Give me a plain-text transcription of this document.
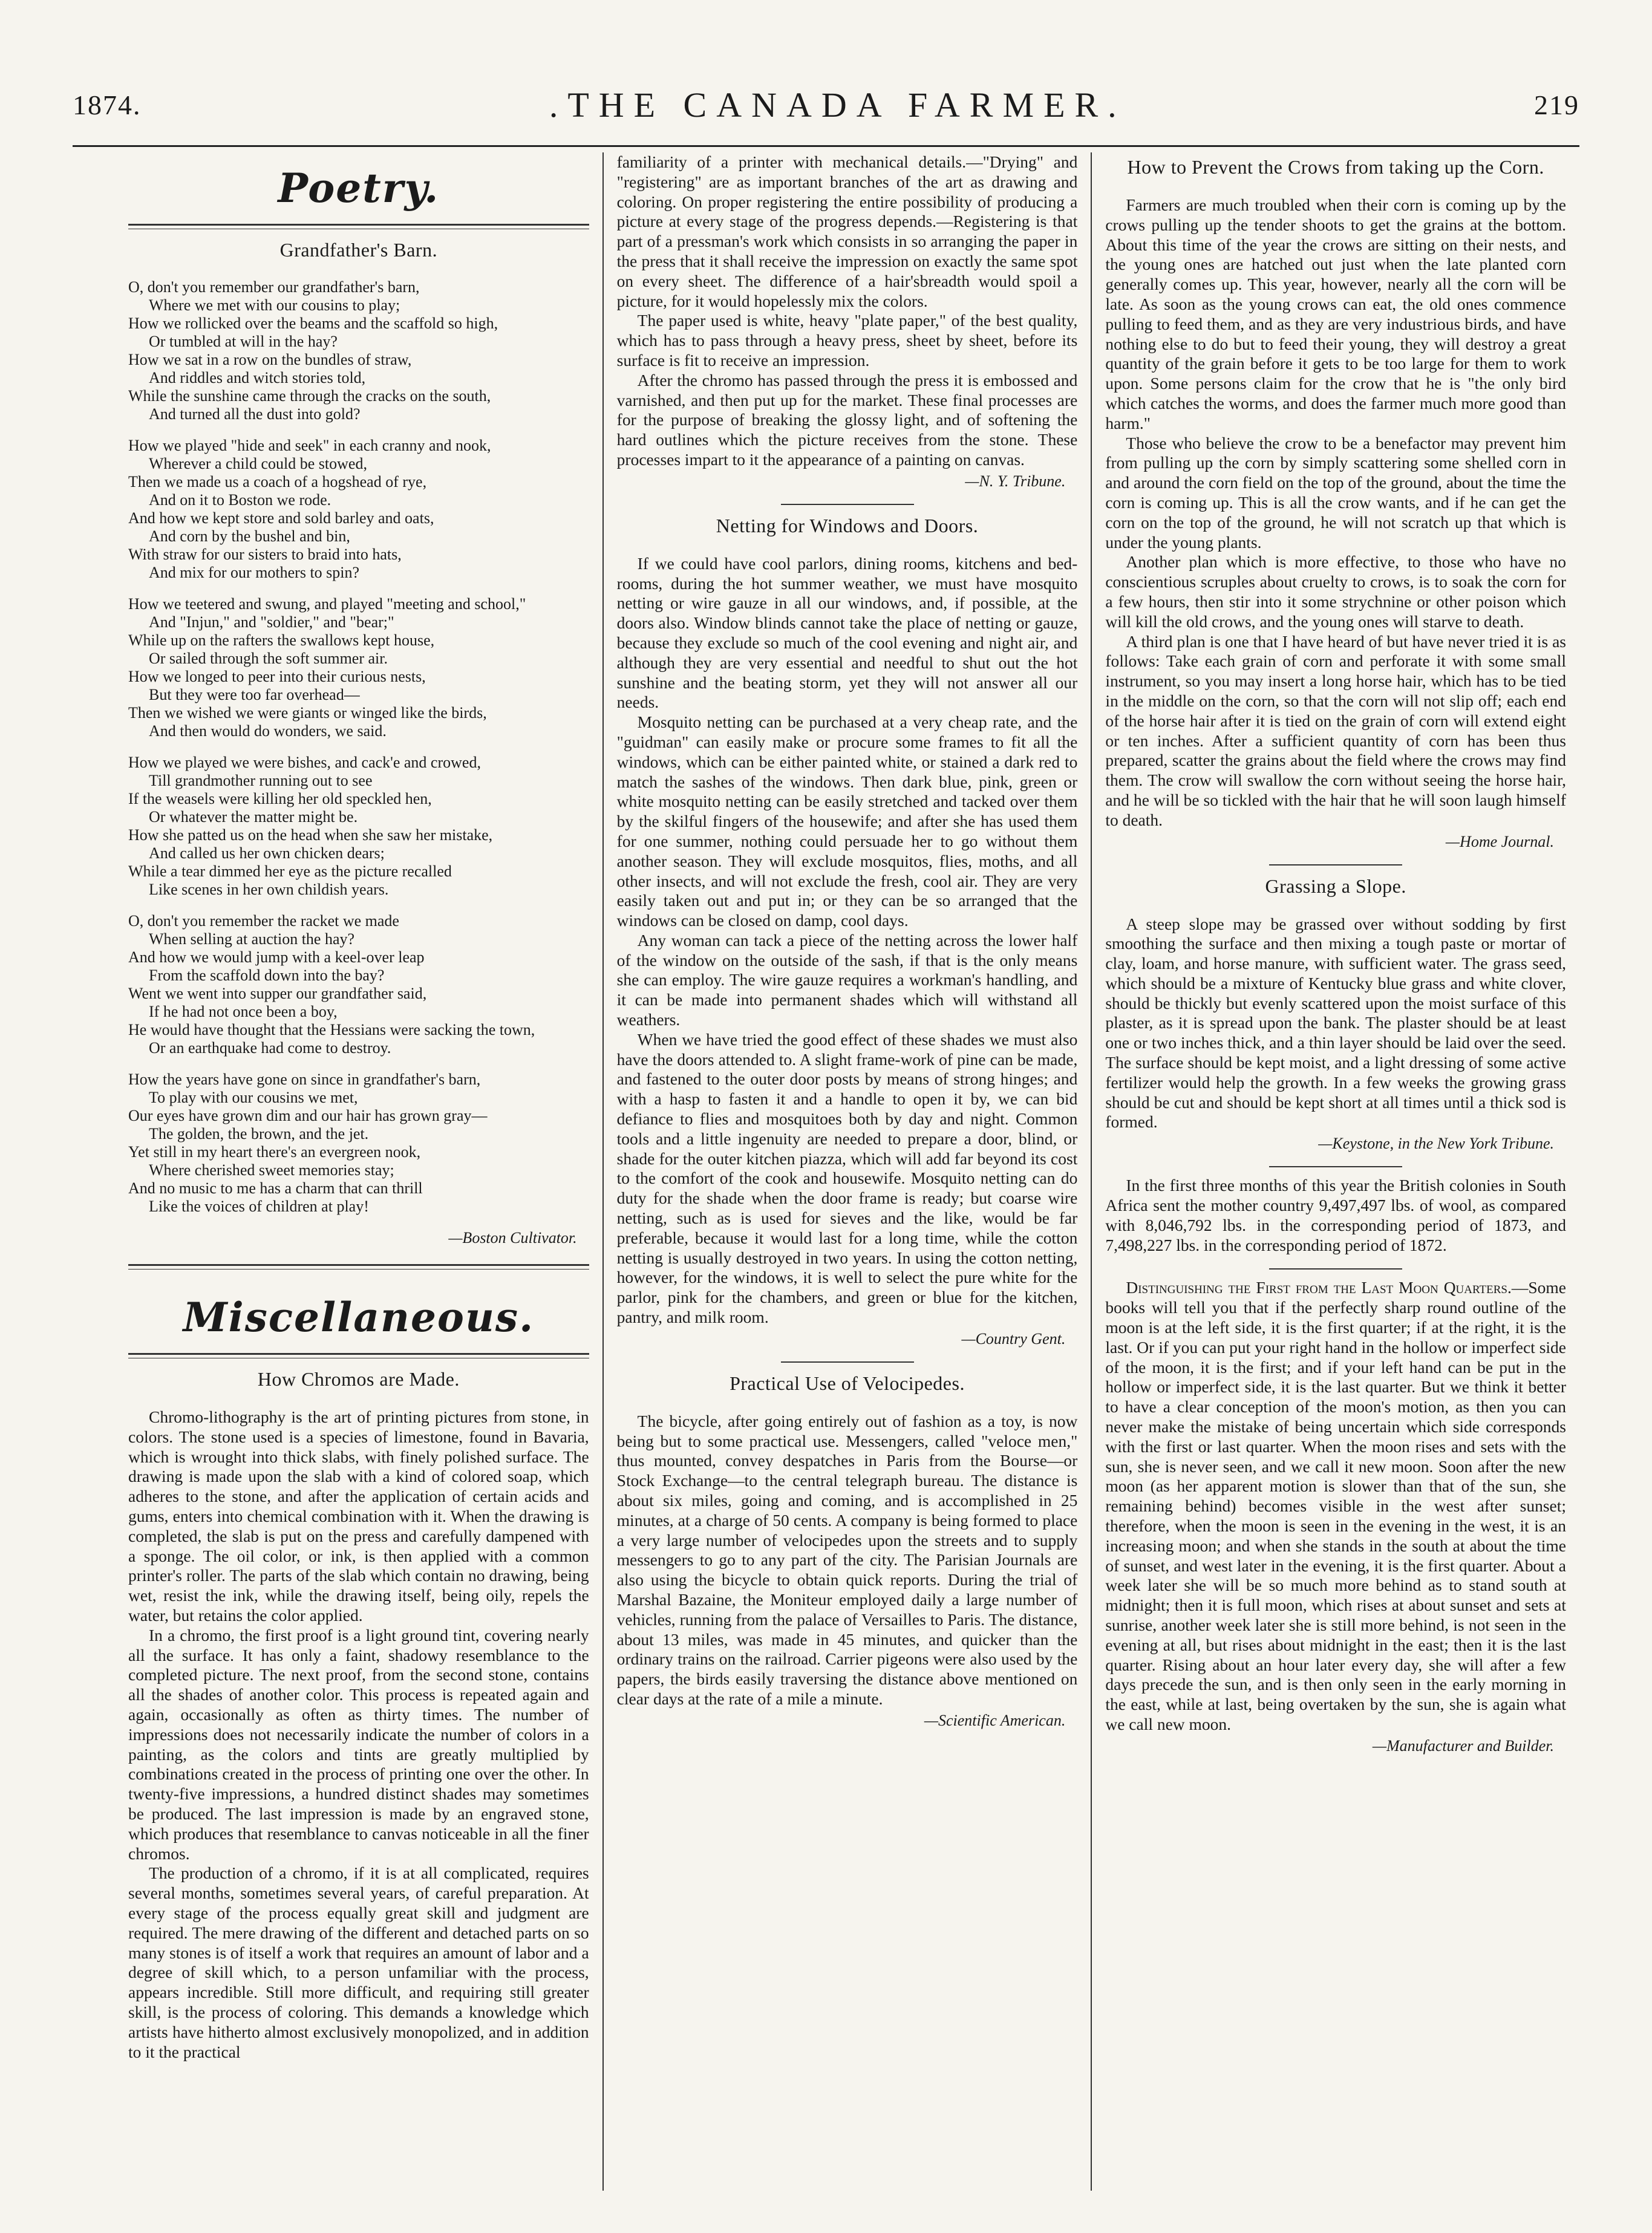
1874.	.THE CANADA FARMER.	219
Poetry.
Grandfather's Barn.
O, don't you remember our grandfather's barn,
Where we met with our cousins to play;
How we rollicked over the beams and the scaffold so high,
Or tumbled at will in the hay?
How we sat in a row on the bundles of straw,
And riddles and witch stories told,
While the sunshine came through the cracks on the south,
And turned all the dust into gold?
How we played "hide and seek" in each cranny and nook,
Wherever a child could be stowed,
Then we made us a coach of a hogshead of rye,
And on it to Boston we rode.
And how we kept store and sold barley and oats,
And corn by the bushel and bin,
With straw for our sisters to braid into hats,
And mix for our mothers to spin?
How we teetered and swung, and played "meeting and school,"
And "Injun," and "soldier," and "bear;"
While up on the rafters the swallows kept house,
Or sailed through the soft summer air.
How we longed to peer into their curious nests,
But they were too far overhead—
Then we wished we were giants or winged like the birds,
And then would do wonders, we said.
How we played we were bishes, and cack'e and crowed,
Till grandmother running out to see
If the weasels were killing her old speckled hen,
Or whatever the matter might be.
How she patted us on the head when she saw her mistake,
And called us her own chicken dears;
While a tear dimmed her eye as the picture recalled
Like scenes in her own childish years.
O, don't you remember the racket we made
When selling at auction the hay?
And how we would jump with a keel-over leap
From the scaffold down into the bay?
Went we went into supper our grandfather said,
If he had not once been a boy,
He would have thought that the Hessians were sacking the town,
Or an earthquake had come to destroy.
How the years have gone on since in grandfather's barn,
To play with our cousins we met,
Our eyes have grown dim and our hair has grown gray—
The golden, the brown, and the jet.
Yet still in my heart there's an evergreen nook,
Where cherished sweet memories stay;
And no music to me has a charm that can thrill
Like the voices of children at play!
—Boston Cultivator.
Miscellaneous.
How Chromos are Made.

Chromo-lithography is the art of printing pictures from stone, in colors. The stone used is a species of limestone, found in Bavaria, which is wrought into thick slabs, with finely polished surface. The drawing is made upon the slab with a kind of colored soap, which adheres to the stone, and after the application of certain acids and gums, enters into chemical combination with it. When the drawing is completed, the slab is put on the press and carefully dampened with a sponge. The oil color, or ink, is then applied with a common printer's roller. The parts of the slab which contain no drawing, being wet, resist the ink, while the drawing itself, being oily, repels the water, but retains the color applied.

In a chromo, the first proof is a light ground tint, covering nearly all the surface. It has only a faint, shadowy resemblance to the completed picture. The next proof, from the second stone, contains all the shades of another color. This process is repeated again and again, occasionally as often as thirty times. The number of impressions does not necessarily indicate the number of colors in a painting, as the colors and tints are greatly multiplied by combinations created in the process of printing one over the other. In twenty-five impressions, a hundred distinct shades may sometimes be produced. The last impression is made by an engraved stone, which produces that resemblance to canvas noticeable in all the finer chromos.

The production of a chromo, if it is at all complicated, requires several months, sometimes several years, of careful preparation. At every stage of the process equally great skill and judgment are required. The mere drawing of the different and detached parts on so many stones is of itself a work that requires an amount of labor and a degree of skill which, to a person unfamiliar with the process, appears incredible. Still more difficult, and requiring still greater skill, is the process of coloring. This demands a knowledge which artists have hitherto almost exclusively monopolized, and in addition to it the practical

familiarity of a printer with mechanical details.—"Drying" and "registering" are as important branches of the art as drawing and coloring. On proper registering the entire possibility of producing a picture at every stage of the progress depends.—Registering is that part of a pressman's work which consists in so arranging the paper in the press that it shall receive the impression on exactly the same spot on every sheet. The difference of a hair'sbreadth would spoil a picture, for it would hopelessly mix the colors.

The paper used is white, heavy "plate paper," of the best quality, which has to pass through a heavy press, sheet by sheet, before its surface is fit to receive an impression.

After the chromo has passed through the press it is embossed and varnished, and then put up for the market. These final processes are for the purpose of breaking the glossy light, and of softening the hard outlines which the picture receives from the stone. These processes impart to it the appearance of a painting on canvas.

—N. Y. Tribune.
Netting for Windows and Doors.

If we could have cool parlors, dining rooms, kitchens and bed-rooms, during the hot summer weather, we must have mosquito netting or wire gauze in all our windows, and, if possible, at the doors also. Window blinds cannot take the place of netting or gauze, because they exclude so much of the cool evening and night air, and although they are very essential and needful to shut out the hot sunshine and the beating storm, yet they will not answer all our needs.

Mosquito netting can be purchased at a very cheap rate, and the "guidman" can easily make or procure some frames to fit all the windows, which can be either painted white, or stained a dark red to match the sashes of the windows. Then dark blue, pink, green or white mosquito netting can be easily stretched and tacked over them by the skilful fingers of the housewife; and after she has used them for one summer, nothing could persuade her to go without them another season. They will exclude mosquitos, flies, moths, and all other insects, and will not exclude the fresh, cool air. They are very easily taken out and put in; or they can be so arranged that the windows can be closed on damp, cool days.

Any woman can tack a piece of the netting across the lower half of the window on the outside of the sash, if that is the only means she can employ. The wire gauze requires a workman's handling, and it can be made into permanent shades which will withstand all weathers.

When we have tried the good effect of these shades we must also have the doors attended to. A slight frame-work of pine can be made, and fastened to the outer door posts by means of strong hinges; and with a hasp to fasten it and a handle to open it by, we can bid defiance to flies and mosquitoes both by day and night. Common tools and a little ingenuity are needed to prepare a door, blind, or shade for the outer kitchen piazza, which will add far beyond its cost to the comfort of the cook and housewife. Mosquito netting can do duty for the shade when the door frame is ready; but coarse wire netting, such as is used for sieves and the like, would be far preferable, because it would last for a long time, while the cotton netting is usually destroyed in two years. In using the cotton netting, however, for the windows, it is well to select the pure white for the parlor, pink for the chambers, and green or blue for the kitchen, pantry, and milk room.

—Country Gent.
Practical Use of Velocipedes.

The bicycle, after going entirely out of fashion as a toy, is now being but to some practical use. Messengers, called "veloce men," thus mounted, convey despatches in Paris from the Bourse—or Stock Exchange—to the central telegraph bureau. The distance is about six miles, going and coming, and is accomplished in 25 minutes, at a charge of 50 cents. A company is being formed to place a very large number of velocipedes upon the streets and to supply messengers to go to any part of the city. The Parisian Journals are also using the bicycle to obtain quick reports. During the trial of Marshal Bazaine, the Moniteur employed daily a large number of vehicles, running from the palace of Versailles to Paris. The distance, about 13 miles, was made in 45 minutes, and quicker than the ordinary trains on the railroad. Carrier pigeons were also used by the papers, the birds easily traversing the distance above mentioned on clear days at the rate of a mile a minute.

—Scientific American.
How to Prevent the Crows from taking up the Corn.

Farmers are much troubled when their corn is coming up by the crows pulling up the tender shoots to get the grains at the bottom. About this time of the year the crows are sitting on their nests, and the young ones are hatched out just when the late planted corn generally comes up. This year, however, nearly all the corn will be late. As soon as the young crows can eat, the old ones commence pulling to feed them, and as they are very industrious birds, and have nothing else to do but to feed their young, they will destroy a great quantity of the grain before it gets to be too large for them to work upon. Some persons claim for the crow that he is "the only bird which catches the worms, and does the farmer much more good than harm."

Those who believe the crow to be a benefactor may prevent him from pulling up the corn by simply scattering some shelled corn in and around the corn field on the top of the ground, about the time the corn is coming up. This is all the crow wants, and if he can get the corn on the top of the ground, he will not scratch up that which is under the young plants.

Another plan which is more effective, to those who have no conscientious scruples about cruelty to crows, is to soak the corn for a few hours, then stir into it some strychnine or other poison which will kill the old crows, and the young ones will starve to death.

A third plan is one that I have heard of but have never tried it is as follows: Take each grain of corn and perforate it with some small instrument, so you may insert a long horse hair, which has to be tied in the middle on the corn, so that the corn will not slip off; each end of the horse hair after it is tied on the grain of corn will extend eight or ten inches. After a sufficient quantity of corn has been thus prepared, scatter the grains about the field where the crows may find them. The crow will swallow the corn without seeing the horse hair, and he will be so tickled with the hair that he will soon laugh himself to death.

—Home Journal.
Grassing a Slope.

A steep slope may be grassed over without sodding by first smoothing the surface and then mixing a tough paste or mortar of clay, loam, and horse manure, with sufficient water. The grass seed, which should be a mixture of Kentucky blue grass and white clover, should be thickly but evenly scattered upon the moist surface of this plaster, as it is spread upon the bank. The plaster should be at least one or two inches thick, and a thin layer should be laid over the seed. The surface should be kept moist, and a light dressing of some active fertilizer would help the growth. In a few weeks the growing grass should be cut and should be kept short at all times until a thick sod is formed.

—Keystone, in the New York Tribune.

In the first three months of this year the British colonies in South Africa sent the mother country 9,497,497 lbs. of wool, as compared with 8,046,792 lbs. in the corresponding period of 1873, and 7,498,227 lbs. in the corresponding period of 1872.

Distinguishing the First from the Last Moon Quarters.—Some books will tell you that if the perfectly sharp round outline of the moon is at the left side, it is the first quarter; if at the right, it is the last. Or if you can put your right hand in the hollow or imperfect side of the moon, it is the first; and if your left hand can be put in the hollow or imperfect side, it is the last quarter. But we think it better to have a clear conception of the moon's motion, as then you can never make the mistake of being uncertain which side corresponds with the first or last quarter. When the moon rises and sets with the sun, she is never seen, and we call it new moon. Soon after the new moon (as her apparent motion is slower than that of the sun, she remaining behind) becomes visible in the west after sunset; therefore, when the moon is seen in the evening in the west, it is an increasing moon; and when she stands in the south at about the time of sunset, and west later in the evening, it is the first quarter. About a week later she will be so much more behind as to stand south at midnight; then it is full moon, which rises at about sunset and sets at sunrise, another week later she is still more behind, is not seen in the evening at all, but rises about midnight in the east; then it is the last quarter. Rising about an hour later every day, she will after a few days precede the sun, and is then only seen in the early morning in the east, while at last, being overtaken by the sun, she is again what we call new moon.

—Manufacturer and Builder.
